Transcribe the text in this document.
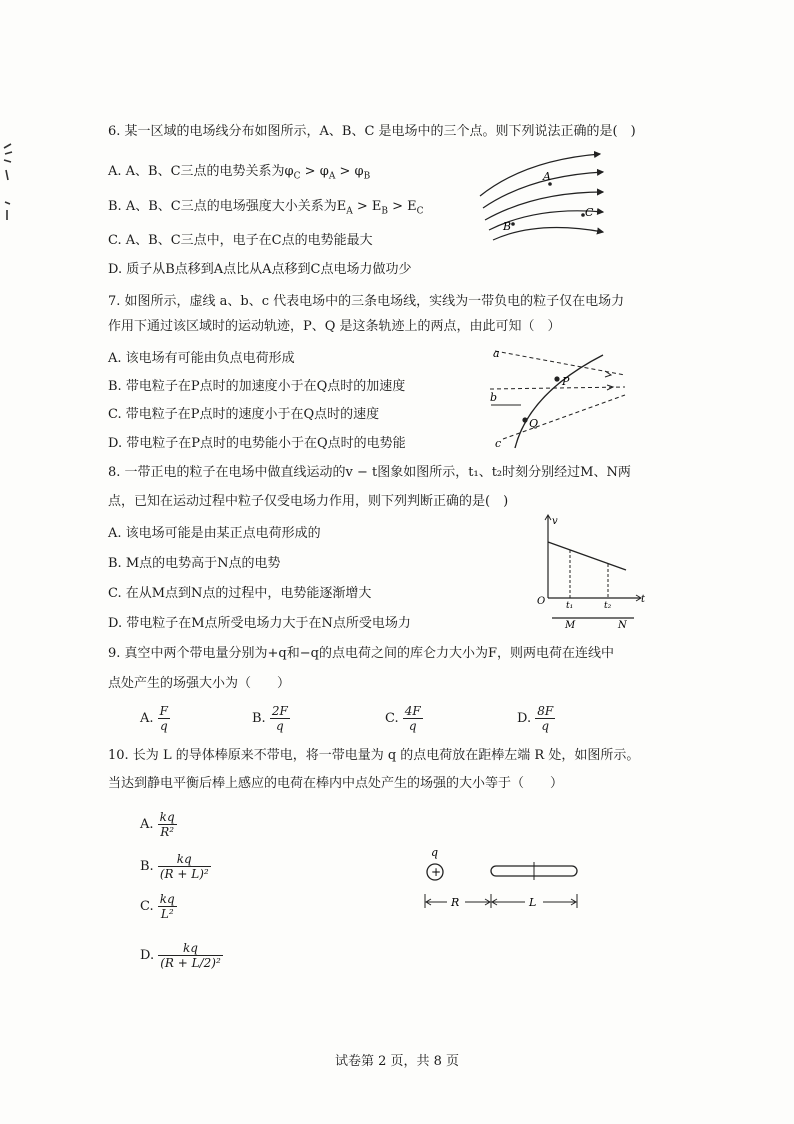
6. 某一区域的电场线分布如图所示，A、B、C 是电场中的三个点。则下列说法正确的是(　)
A. A、B、C三点的电势关系为$\varphi_C > \varphi_A > \varphi_B$
B. A、B、C三点的电场强度大小关系为$E_A > E_B > E_C$
C. A、B、C三点中，电子在C点的电势能最大
D. 质子从B点移到A点比从A点移到C点电场力做功少
A
B
C
7. 如图所示，虚线 a、b、c 代表电场中的三条电场线，实线为一带负电的粒子仅在电场力
作用下通过该区域时的运动轨迹，P、Q 是这条轨迹上的两点，由此可知（　）
A. 该电场有可能由负点电荷形成
B. 带电粒子在P点时的加速度小于在Q点时的加速度
C. 带电粒子在P点时的速度小于在Q点时的速度
D. 带电粒子在P点时的电势能小于在Q点时的电势能
a
b
c
P
Q
8. 一带正电的粒子在电场中做直线运动的v − t图象如图所示，t₁、t₂时刻分别经过M、N两
点，已知在运动过程中粒子仅受电场力作用，则下列判断正确的是(　)
A. 该电场可能是由某正点电荷形成的
B. M点的电势高于N点的电势
C. 在从M点到N点的过程中，电势能逐渐增大
D. 带电粒子在M点所受电场力大于在N点所受电场力
v
t
O t₁	t₂
M	N
9. 真空中两个带电量分别为+q和−q的点电荷之间的库仑力大小为F，则两电荷在连线中
点处产生的场强大小为（　　）
A. $\frac{F}{q}$	B. $\frac{2F}{q}$	C. $\frac{4F}{q}$	D. $\frac{8F}{q}$
10. 长为 L 的导体棒原来不带电，将一带电量为 q 的点电荷放在距棒左端 R 处，如图所示。
当达到静电平衡后棒上感应的电荷在棒内中点处产生的场强的大小等于（　　）
A. $\frac{kq}{\text{R²}}$
B. $\frac{kq}{\text{(R + L)²}}$
C. $\frac{kq}{\text{L²}}$
D. $\frac{kq}{\text{(R + L/2)²}}$
+
q
R	L
试卷第 2 页，共 8 页
